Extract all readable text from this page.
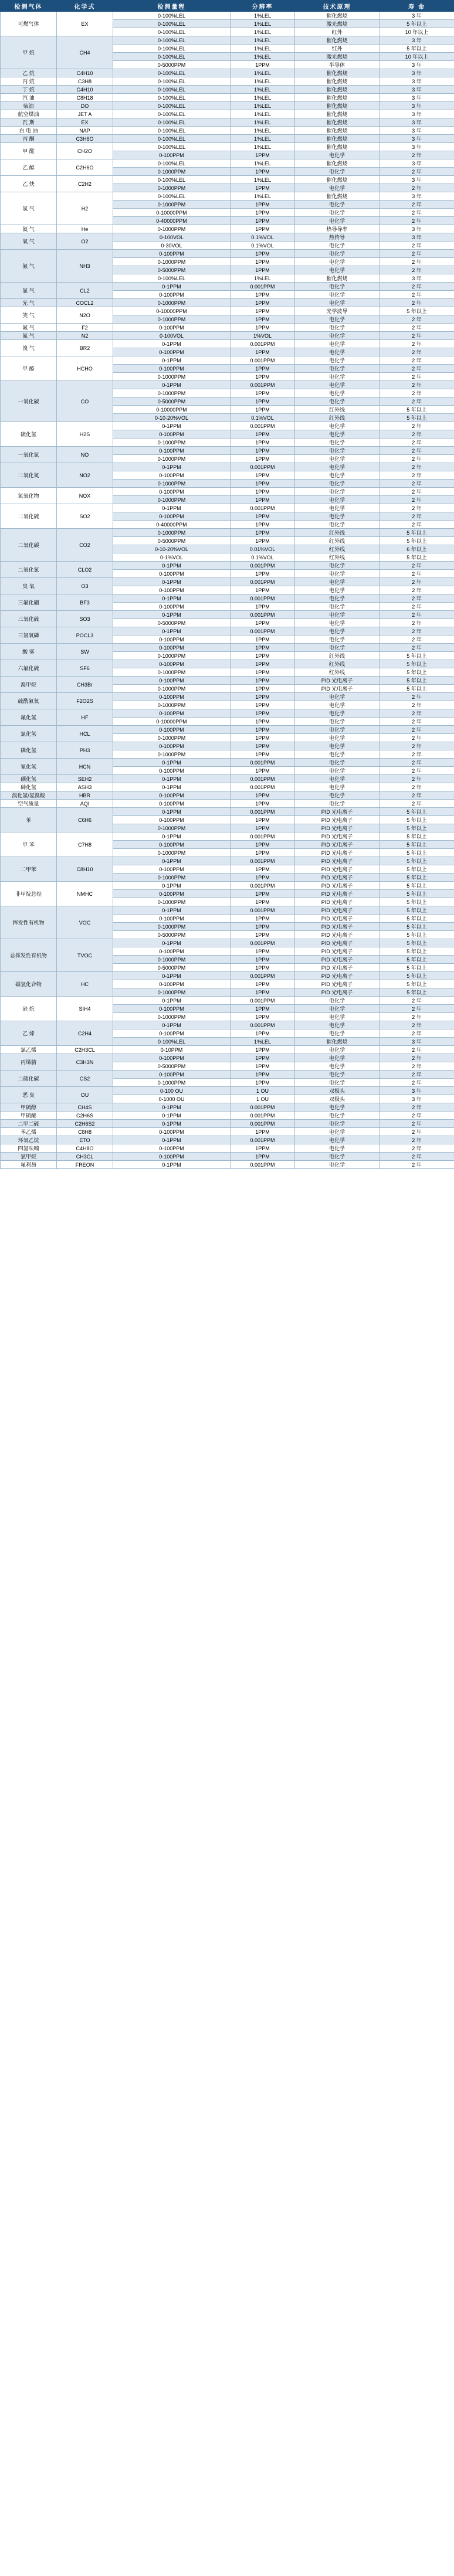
检测气体	化学式	检测量程	分辨率	技术原理	寿 命
可燃气体	EX	0-100%LEL	1%LEL	催化燃烧	3 年
		0-100%LEL	1%LEL	激光燃烧	5 年以上
		0-100%LEL	1%LEL	红外	10 年以上
甲 烷	CH4	0-100%LEL	1%LEL	催化燃烧	3 年
		0-100%LEL	1%LEL	红外	5 年以上
		0-100%LEL	1%LEL	激光燃烧	10 年以上
		0-5000PPM	1PPM	半导体	3 年
乙 烷	C4H10	0-100%LEL	1%LEL	催化燃烧	3 年
丙 烷	C3H8	0-100%LEL	1%LEL	催化燃烧	3 年
丁 烷	C4H10	0-100%LEL	1%LEL	催化燃烧	3 年
汽 油	C8H18	0-100%LEL	1%LEL	催化燃烧	3 年
柴油	DO	0-100%LEL	1%LEL	催化燃烧	3 年
航空煤油	JET A	0-100%LEL	1%LEL	催化燃烧	3 年
瓦 斯	EX	0-100%LEL	1%LEL	催化燃烧	3 年
白 电 油	NAP	0-100%LEL	1%LEL	催化燃烧	3 年
丙 酮	C3H6O	0-100%LEL	1%LEL	催化燃烧	3 年
甲 醛	CH2O	0-100%LEL	1%LEL	催化燃烧	3 年
		0-100PPM	1PPM	电化学	2 年
乙 醇	C2H6O	0-100%LEL	1%LEL	催化燃烧	3 年
		0-1000PPM	1PPM	电化学	2 年
乙 炔	C2H2	0-100%LEL	1%LEL	催化燃烧	3 年
		0-1000PPM	1PPM	电化学	2 年
氢 气	H2	0-100%LEL	1%LEL	催化燃烧	3 年
		0-1000PPM	1PPM	电化学	2 年
		0-10000PPM	1PPM	电化学	2 年
		0-40000PPM	1PPM	电化学	2 年
氦 气	He	0-1000PPM	1PPM	热导导率	3 年
氧 气	O2	0-100VOL	0.1%VOL	热传导	3 年
		0-30VOL	0.1%VOL	电化学	2 年
氨 气	NH3	0-100PPM	1PPM	电化学	2 年
		0-1000PPM	1PPM	电化学	2 年
		0-5000PPM	1PPM	电化学	2 年
		0-100%LEL	1%LEL	催化燃烧	3 年
氯 气	CL2	0-1PPM	0.001PPM	电化学	2 年
		0-100PPM	1PPM	电化学	2 年
光 气	COCL2	0-1000PPM	1PPM	电化学	2 年
笑 气	N2O	0-10000PPM	1PPM	光学波导	5 年以上
		0-1000PPM	1PPM	电化学	2 年
氟 气	F2	0-100PPM	1PPM	电化学	2 年
氮 气	N2	0-100VOL	1%VOL	电化学	2 年
溴 气	BR2	0-1PPM	0.001PPM	电化学	2 年
		0-100PPM	1PPM	电化学	2 年
甲 醛	HCHO	0-1PPM	0.001PPM	电化学	2 年
		0-100PPM	1PPM	电化学	2 年
		0-1000PPM	1PPM	电化学	2 年
一氧化碳	CO	0-1PPM	0.001PPM	电化学	2 年
		0-1000PPM	1PPM	电化学	2 年
		0-5000PPM	1PPM	电化学	2 年
		0-10000PPM	1PPM	红外线	5 年以上
		0-10-20%VOL	0.1%VOL	红外线	5 年以上
硫化氢	H2S	0-1PPM	0.001PPM	电化学	2 年
		0-100PPM	1PPM	电化学	2 年
		0-1000PPM	1PPM	电化学	2 年
一氧化氮	NO	0-100PPM	1PPM	电化学	2 年
		0-1000PPM	1PPM	电化学	2 年
二氧化氮	NO2	0-1PPM	0.001PPM	电化学	2 年
		0-100PPM	1PPM	电化学	2 年
		0-1000PPM	1PPM	电化学	2 年
氮氧化物	NOX	0-100PPM	1PPM	电化学	2 年
		0-1000PPM	1PPM	电化学	2 年
二氧化硫	SO2	0-1PPM	0.001PPM	电化学	2 年
		0-100PPM	1PPM	电化学	2 年
		0-40000PPM	1PPM	电化学	2 年
二氧化碳	CO2	0-1000PPM	1PPM	红外线	5 年以上
		0-5000PPM	1PPM	红外线	5 年以上
		0-10-20%VOL	0.01%VOL	红外线	6 年以上
		0-1%VOL	0.1%VOL	红外线	5 年以上
二氧化氯	CLO2	0-1PPM	0.001PPM	电化学	2 年
		0-100PPM	1PPM	电化学	2 年
臭 氧	O3	0-1PPM	0.001PPM	电化学	2 年
		0-100PPM	1PPM	电化学	2 年
三氟化硼	BF3	0-1PPM	0.001PPM	电化学	2 年
		0-100PPM	1PPM	电化学	2 年
三氧化硫	SO3	0-1PPM	0.001PPM	电化学	2 年
		0-5000PPM	1PPM	电化学	2 年
三氯氧磷	POCL3	0-1PPM	0.001PPM	电化学	2 年
		0-100PPM	1PPM	电化学	2 年
酸 雾	SW	0-100PPM	1PPM	电化学	2 年
		0-1000PPM	1PPM	红外线	5 年以上
六氟化硫	SF6	0-100PPM	1PPM	红外线	5 年以上
		0-1000PPM	1PPM	红外线	5 年以上
溴甲烷	CH3Br	0-100PPM	1PPM	PID 光电离子	5 年以上
		0-1000PPM	1PPM	PID 光电离子	5 年以上
硫酰氟氧	F2O2S	0-100PPM	1PPM	电化学	2 年
		0-1000PPM	1PPM	电化学	2 年
氟化氢	HF	0-100PPM	1PPM	电化学	2 年
		0-10000PPM	1PPM	电化学	2 年
氯化氢	HCL	0-100PPM	1PPM	电化学	2 年
		0-1000PPM	1PPM	电化学	2 年
磷化氢	PH3	0-100PPM	1PPM	电化学	2 年
		0-1000PPM	1PPM	电化学	2 年
氰化氢	HCN	0-1PPM	0.001PPM	电化学	2 年
		0-100PPM	1PPM	电化学	2 年
硒化氢	SEH2	0-1PPM	0.001PPM	电化学	2 年
砷化氢	ASH3	0-1PPM	0.001PPM	电化学	2 年
溴化氢/氢溴酸	HBR	0-100PPM	1PPM	电化学	2 年
空气质量	AQI	0-100PPM	1PPM	电化学	2 年
苯	C6H6	0-1PPM	0.001PPM	PID 光电离子	5 年以上
		0-100PPM	1PPM	PID 光电离子	5 年以上
		0-1000PPM	1PPM	PID 光电离子	5 年以上
甲 苯	C7H8	0-1PPM	0.001PPM	PID 光电离子	5 年以上
		0-100PPM	1PPM	PID 光电离子	5 年以上
		0-1000PPM	1PPM	PID 光电离子	5 年以上
二甲苯	C8H10	0-1PPM	0.001PPM	PID 光电离子	5 年以上
		0-100PPM	1PPM	PID 光电离子	5 年以上
		0-1000PPM	1PPM	PID 光电离子	5 年以上
非甲烷总烃	NMHC	0-1PPM	0.001PPM	PID 光电离子	5 年以上
		0-100PPM	1PPM	PID 光电离子	5 年以上
		0-1000PPM	1PPM	PID 光电离子	5 年以上
挥发性有机物	VOC	0-1PPM	0.001PPM	PID 光电离子	5 年以上
		0-100PPM	1PPM	PID 光电离子	5 年以上
		0-1000PPM	1PPM	PID 光电离子	5 年以上
		0-5000PPM	1PPM	PID 光电离子	5 年以上
总挥发性有机物	TVOC	0-1PPM	0.001PPM	PID 光电离子	5 年以上
		0-100PPM	1PPM	PID 光电离子	5 年以上
		0-1000PPM	1PPM	PID 光电离子	5 年以上
		0-5000PPM	1PPM	PID 光电离子	5 年以上
碳氢化合物	HC	0-1PPM	0.001PPM	PID 光电离子	5 年以上
		0-100PPM	1PPM	PID 光电离子	5 年以上
		0-1000PPM	1PPM	PID 光电离子	5 年以上
硅 烷	SIH4	0-1PPM	0.001PPM	电化学	2 年
		0-100PPM	1PPM	电化学	2 年
		0-1000PPM	1PPM	电化学	2 年
乙 烯	C2H4	0-1PPM	0.001PPM	电化学	2 年
		0-100PPM	1PPM	电化学	2 年
		0-100%LEL	1%LEL	催化燃烧	3 年
氯乙烯	C2H3CL	0-10PPM	1PPM	电化学	2 年
丙烯腈	C3H3N	0-100PPM	1PPM	电化学	2 年
		0-5000PPM	1PPM	电化学	2 年
二硫化碳	CS2	0-100PPM	1PPM	电化学	2 年
		0-1000PPM	1PPM	电化学	2 年
恶 臭	OU	0-100 OU	1 OU	双极头	3 年
		0-1000 OU	1 OU	双极头	3 年
甲硫醇	CH4S	0-1PPM	0.001PPM	电化学	2 年
甲硫醚	C2H6S	0-1PPM	0.001PPM	电化学	2 年
二甲二硫	C2H6S2	0-1PPM	0.001PPM	电化学	2 年
苯乙烯	C8H8	0-100PPM	1PPM	电化学	2 年
环氧乙烷	ETO	0-1PPM	0.001PPM	电化学	2 年
四氢呋喃	C4H8O	0-100PPM	1PPM	电化学	2 年
氯甲烷	CH3CL	0-100PPM	1PPM	电化学	2 年
氟利昂	FREON	0-1PPM	0.001PPM	电化学	2 年
